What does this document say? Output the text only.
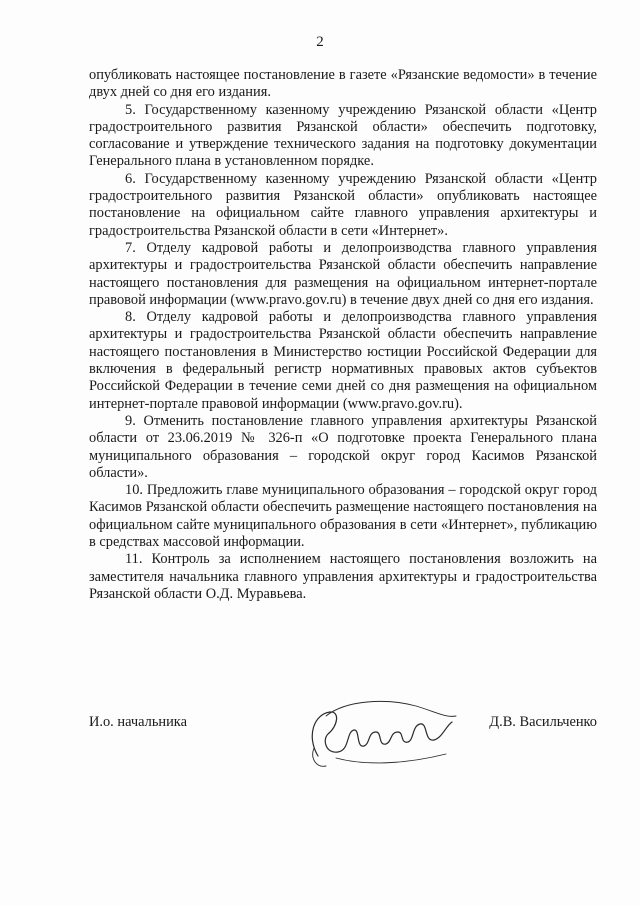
2

опубликовать настоящее постановление в газете «Рязанские ведомости» в течение двух дней со дня его издания.

5. Государственному казенному учреждению Рязанской области «Центр градостроительного развития Рязанской области» обеспечить подготовку, согласование и утверждение технического задания на подготовку документации Генерального плана в установленном порядке.

6. Государственному казенному учреждению Рязанской области «Центр градостроительного развития Рязанской области» опубликовать настоящее постановление на официальном сайте главного управления архитектуры и градостроительства Рязанской области в сети «Интернет».

7. Отделу кадровой работы и делопроизводства главного управления архитектуры и градостроительства Рязанской области обеспечить направление настоящего постановления для размещения на официальном интернет-портале правовой информации (www.pravo.gov.ru) в течение двух дней со дня его издания.

8. Отделу кадровой работы и делопроизводства главного управления архитектуры и градостроительства Рязанской области обеспечить направление настоящего постановления в Министерство юстиции Российской Федерации для включения в федеральный регистр нормативных правовых актов субъектов Российской Федерации в течение семи дней со дня размещения на официальном интернет-портале правовой информации (www.pravo.gov.ru).

9. Отменить постановление главного управления архитектуры Рязанской области от 23.06.2019 № 326-п «О подготовке проекта Генерального плана муниципального образования – городской округ город Касимов Рязанской области».

10. Предложить главе муниципального образования – городской округ город Касимов Рязанской области обеспечить размещение настоящего постановления на официальном сайте муниципального образования в сети «Интернет», публикацию в средствах массовой информации.

11. Контроль за исполнением настоящего постановления возложить на заместителя начальника главного управления архитектуры и градостроительства Рязанской области О.Д. Муравьева.

И.о. начальника	Д.В. Васильченко
